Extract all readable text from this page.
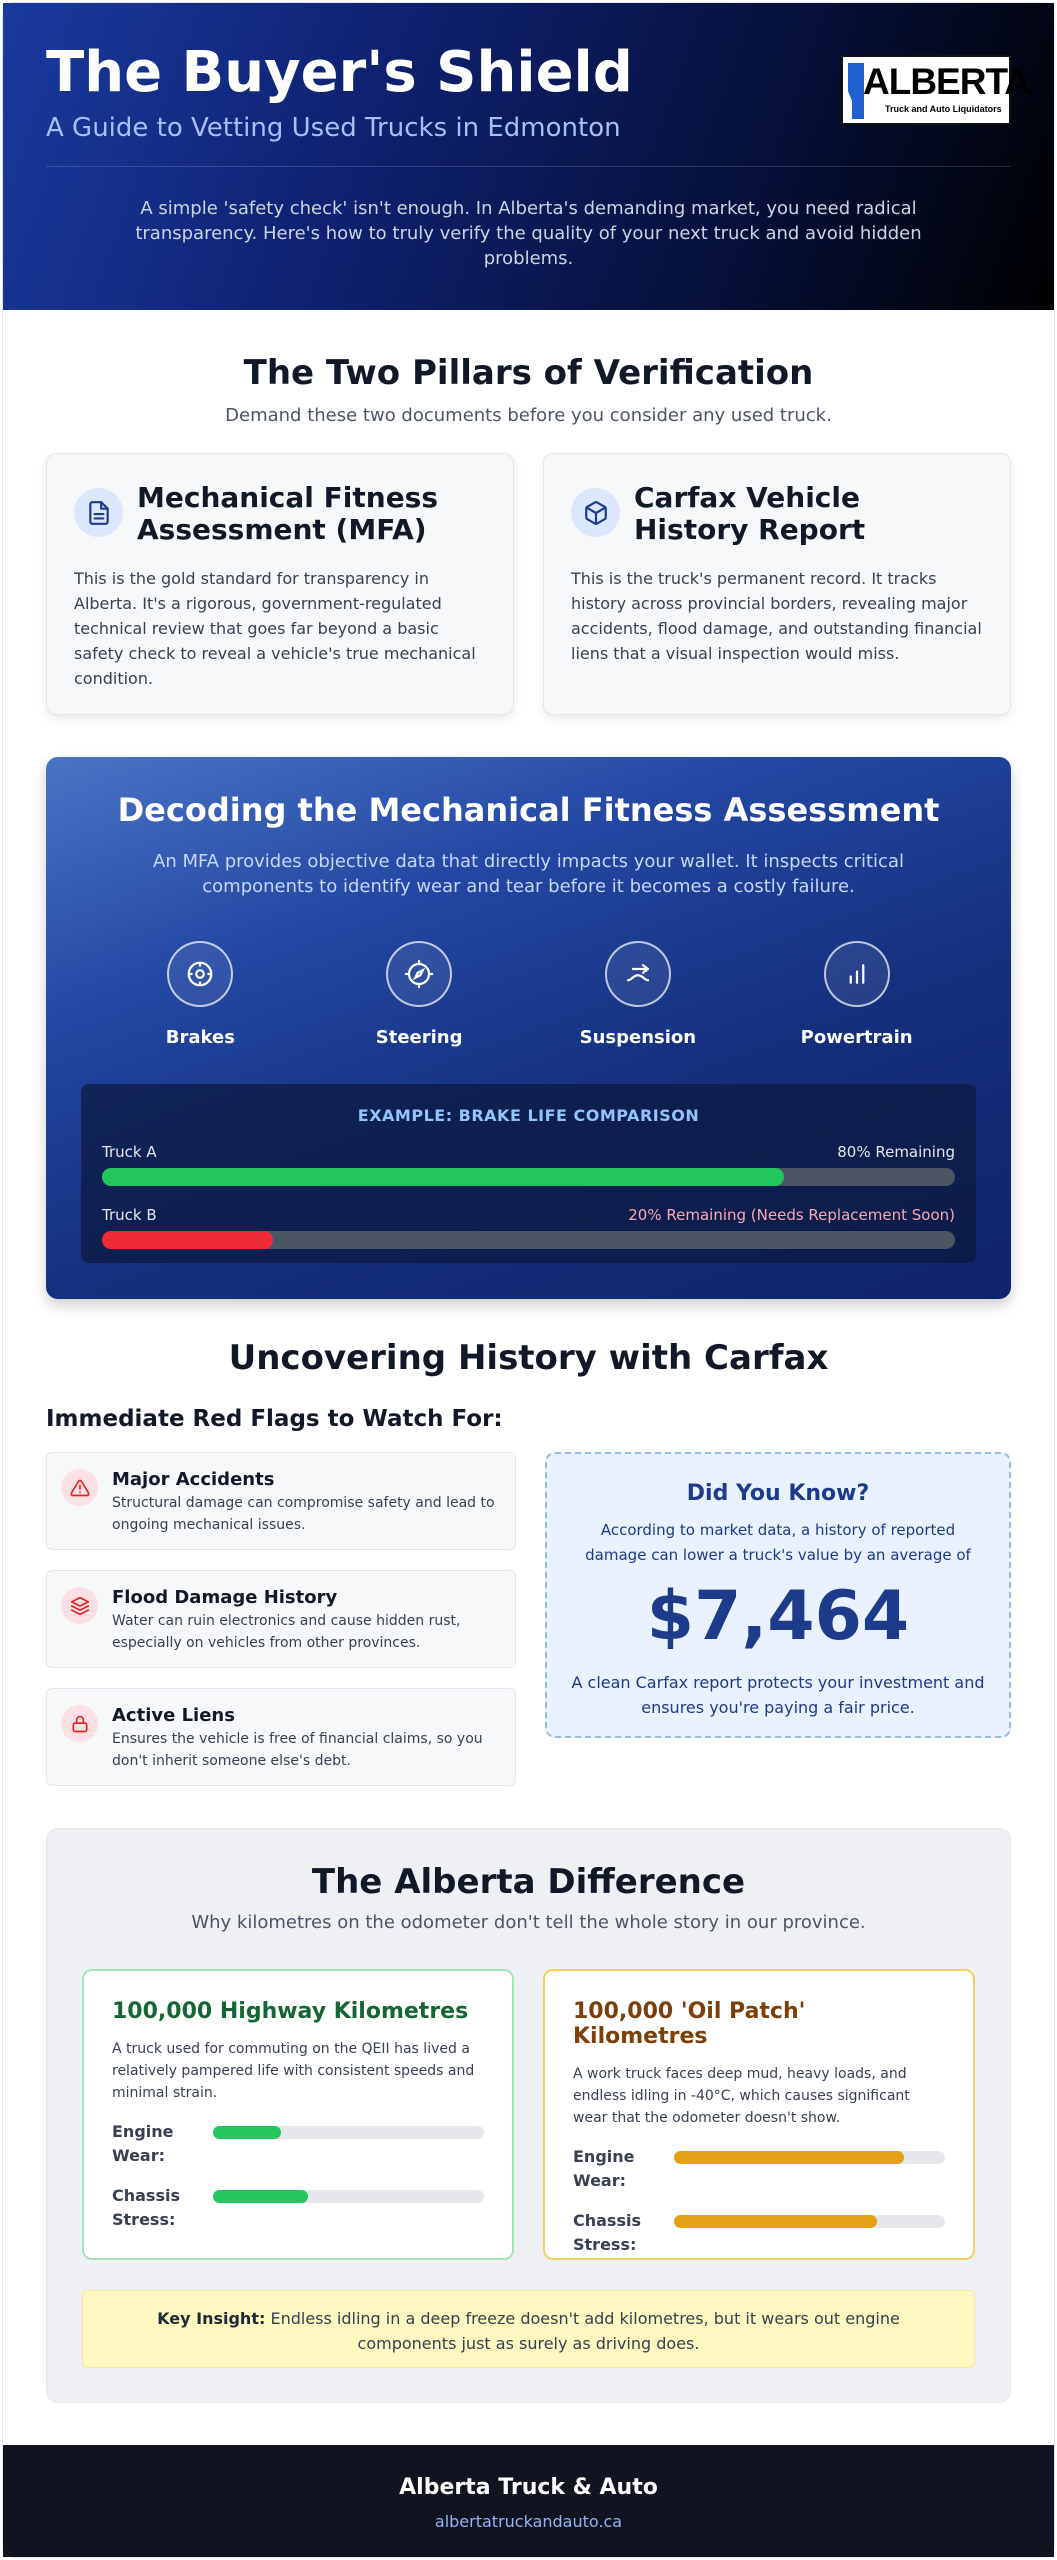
The Buyer's Shield
A Guide to Vetting Used Trucks in Edmonton
ALBERTA
Truck and Auto Liquidators

A simple 'safety check' isn't enough. In Alberta's demanding market, you need radical transparency. Here's how to truly verify the quality of your next truck and avoid hidden problems.

The Two Pillars of Verification

Demand these two documents before you consider any used truck.

Mechanical Fitness Assessment (MFA)

This is the gold standard for transparency in Alberta. It's a rigorous, government-regulated technical review that goes far beyond a basic safety check to reveal a vehicle's true mechanical condition.

Carfax Vehicle History Report

This is the truck's permanent record. It tracks history across provincial borders, revealing major accidents, flood damage, and outstanding financial liens that a visual inspection would miss.

Decoding the Mechanical Fitness Assessment

An MFA provides objective data that directly impacts your wallet. It inspects critical components to identify wear and tear before it becomes a costly failure.

Brakes	Steering	Suspension	Powertrain
EXAMPLE: BRAKE LIFE COMPARISON
Truck A	80% Remaining
Truck B	20% Remaining (Needs Replacement Soon)
Uncovering History with Carfax
Immediate Red Flags to Watch For:
Major Accidents
Structural damage can compromise safety and lead to ongoing mechanical issues.
Flood Damage History
Water can ruin electronics and cause hidden rust, especially on vehicles from other provinces.
Active Liens
Ensures the vehicle is free of financial claims, so you don't inherit someone else's debt.
Did You Know?

According to market data, a history of reported damage can lower a truck's value by an average of

$7,464

A clean Carfax report protects your investment and ensures you're paying a fair price.

The Alberta Difference

Why kilometres on the odometer don't tell the whole story in our province.

100,000 Highway Kilometres

A truck used for commuting on the QEII has lived a relatively pampered life with consistent speeds and minimal strain.

Engine Wear:
Chassis Stress:
100,000 'Oil Patch' Kilometres

A work truck faces deep mud, heavy loads, and endless idling in -40°C, which causes significant wear that the odometer doesn't show.

Engine Wear:
Chassis Stress:
Key Insight: Endless idling in a deep freeze doesn't add kilometres, but it wears out engine components just as surely as driving does.
Alberta Truck & Auto
albertatruckandauto.ca
